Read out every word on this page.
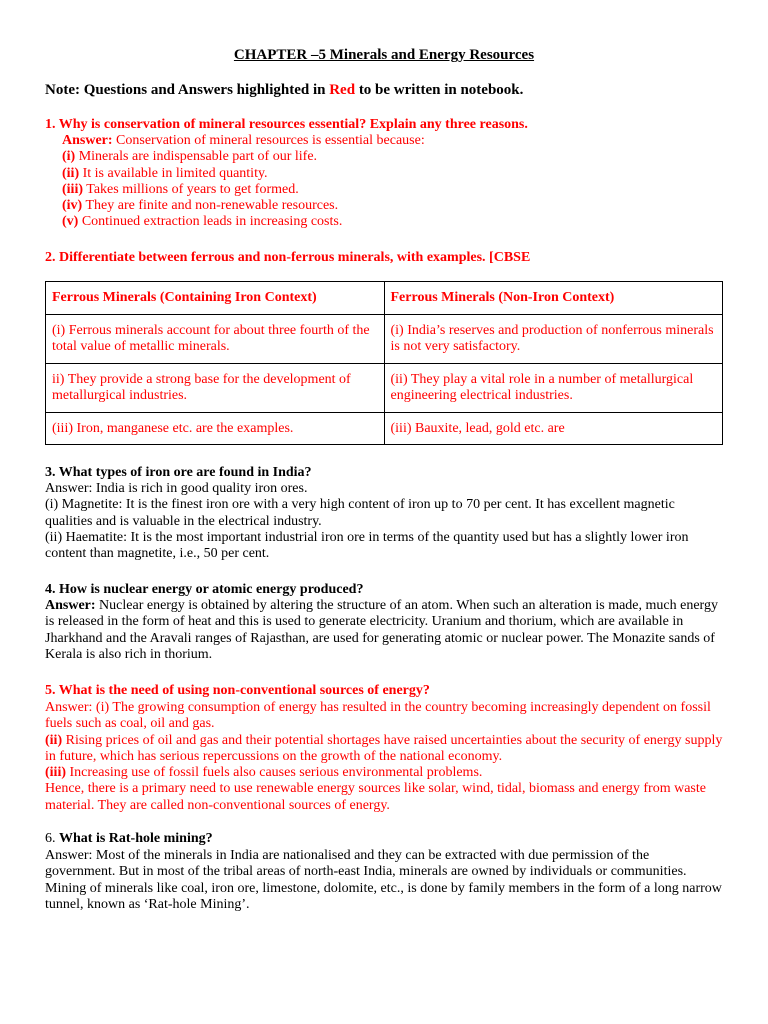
CHAPTER –5 Minerals and Energy Resources
Note: Questions and Answers highlighted in Red to be written in notebook.
1. Why is conservation of mineral resources essential? Explain any three reasons.
Answer: Conservation of mineral resources is essential because:
(i) Minerals are indispensable part of our life.
(ii) It is available in limited quantity.
(iii) Takes millions of years to get formed.
(iv) They are finite and non-renewable resources.
(v) Continued extraction leads in increasing costs.
2. Differentiate between ferrous and non-ferrous minerals, with examples. [CBSE
Ferrous Minerals (Containing Iron Context)	Ferrous Minerals (Non-Iron Context)
(i) Ferrous minerals account for about three fourth of the total value of metallic minerals.	(i) India’s reserves and production of nonferrous minerals is not very satisfactory.
ii) They provide a strong base for the development of metallurgical industries.	(ii) They play a vital role in a number of metallurgical engineering electrical industries.
(iii) Iron, manganese etc. are the examples.	(iii) Bauxite, lead, gold etc. are
3. What types of iron ore are found in India?
Answer: India is rich in good quality iron ores.
(i) Magnetite: It is the finest iron ore with a very high content of iron up to 70 per cent. It has excellent magnetic qualities and is valuable in the electrical industry.
(ii) Haematite: It is the most important industrial iron ore in terms of the quantity used but has a slightly lower iron content than magnetite, i.e., 50 per cent.
4. How is nuclear energy or atomic energy produced?
Answer: Nuclear energy is obtained by altering the structure of an atom. When such an alteration is made, much energy is released in the form of heat and this is used to generate electricity. Uranium and thorium, which are available in Jharkhand and the Aravali ranges of Rajasthan, are used for generating atomic or nuclear power. The Monazite sands of Kerala is also rich in thorium.
5. What is the need of using non-conventional sources of energy?
Answer: (i) The growing consumption of energy has resulted in the country becoming increasingly dependent on fossil fuels such as coal, oil and gas.
(ii) Rising prices of oil and gas and their potential shortages have raised uncertainties about the security of energy supply in future, which has serious repercussions on the growth of the national economy.
(iii) Increasing use of fossil fuels also causes serious environmental problems.
Hence, there is a primary need to use renewable energy sources like solar, wind, tidal, biomass and energy from waste material. They are called non-conventional sources of energy.
6. What is Rat-hole mining?
Answer: Most of the minerals in India are nationalised and they can be extracted with due permission of the government. But in most of the tribal areas of north-east India, minerals are owned by individuals or communities. Mining of minerals like coal, iron ore, limestone, dolomite, etc., is done by family members in the form of a long narrow tunnel, known as ‘Rat-hole Mining’.
